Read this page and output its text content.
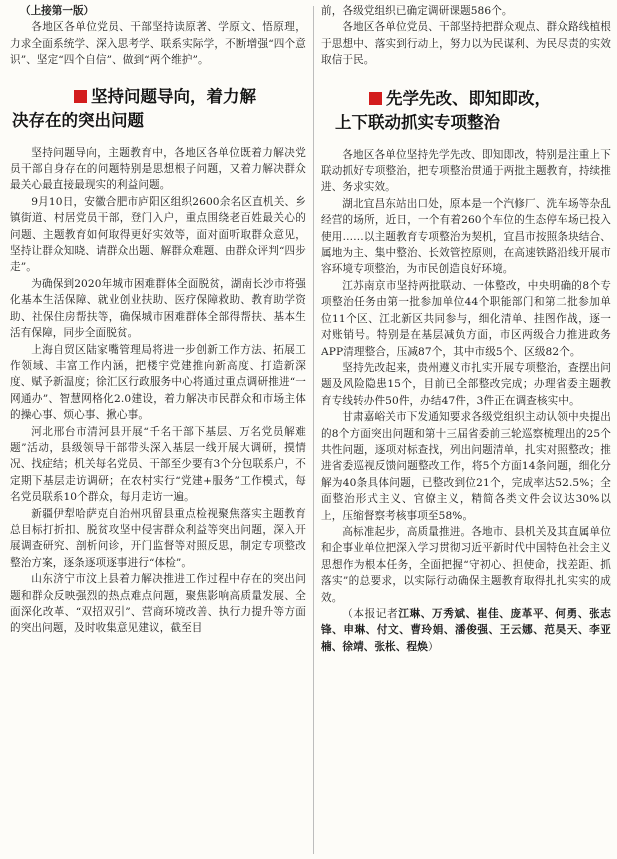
（上接第一版）

各地区各单位党员、干部坚持读原著、学原文、悟原理，力求全面系统学、深入思考学、联系实际学，不断增强“四个意识”、坚定“四个自信”、做到“两个维护”。

坚持问题导向，着力解
决存在的突出问题

坚持问题导向，主题教育中，各地区各单位既着力解决党员干部自身存在的问题特别是思想根子问题，又着力解决群众最关心最直接最现实的利益问题。

9月10日，安徽合肥市庐阳区组织2600余名区直机关、乡镇街道、村居党员干部，登门入户，重点围绕老百姓最关心的问题、主题教育如何取得更好实效等，面对面听取群众意见，坚持让群众知晓、请群众出题、解群众难题、由群众评判“四步走”。

为确保到2020年城市困难群体全面脱贫，湖南长沙市将强化基本生活保障、就业创业扶助、医疗保障救助、教育助学资助、社保住房帮扶等，确保城市困难群体全部得帮扶、基本生活有保障，同步全面脱贫。

上海自贸区陆家嘴管理局将进一步创新工作方法、拓展工作领域、丰富工作内涵，把楼宇党建推向新高度、打造新深度、赋予新温度；徐汇区行政服务中心将通过重点调研推进“一网通办”、智慧网格化2.0建设，着力解决市民群众和市场主体的操心事、烦心事、揪心事。

河北邢台市清河县开展“千名干部下基层、万名党员解难题”活动，县级领导干部带头深入基层一线开展大调研，摸情况、找症结；机关每名党员、干部至少要有3个分包联系户，不定期下基层走访调研；在农村实行“党建+服务”工作模式，每名党员联系10个群众，每月走访一遍。

新疆伊犁哈萨克自治州巩留县重点检视聚焦落实主题教育总目标打折扣、脱贫攻坚中侵害群众利益等突出问题，深入开展调查研究、剖析问诊，开门监督等对照反思，制定专项整改整治方案，逐条逐项逐事进行“体检”。

山东济宁市汶上县着力解决推进工作过程中存在的突出问题和群众反映强烈的热点难点问题，聚焦影响高质量发展、全面深化改革、“双招双引”、营商环境改善、执行力提升等方面的突出问题，及时收集意见建议，截至目

前，各级党组织已确定调研课题586个。

各地区各单位党员、干部坚持把群众观点、群众路线植根于思想中、落实到行动上，努力以为民谋利、为民尽责的实效取信于民。

先学先改、即知即改，
上下联动抓实专项整治

各地区各单位坚持先学先改、即知即改，特别是注重上下联动抓好专项整治，把专项整治贯通于两批主题教育，持续推进、务求实效。

湖北宜昌东站出口处，原本是一个汽修厂、洗车场等杂乱经营的场所，近日，一个有着260个车位的生态停车场已投入使用……以主题教育专项整治为契机，宜昌市按照条块结合、属地为主、集中整治、长效管控原则，在高速铁路沿线开展市容环境专项整治，为市民创造良好环境。

江苏南京市坚持两批联动、一体整改，中央明确的8个专项整治任务由第一批参加单位44个职能部门和第二批参加单位11个区、江北新区共同参与，细化清单、挂图作战，逐一对账销号。特别是在基层减负方面，市区两级合力推进政务APP清理整合，压减87个，其中市级5个、区级82个。

坚持先改起来，贵州遵义市扎实开展专项整治，查摆出问题及风险隐患15个，目前已全部整改完成；办理省委主题教育专线转办件50件，办结47件，3件正在调查核实中。

甘肃嘉峪关市下发通知要求各级党组织主动认领中央提出的8个方面突出问题和第十三届省委前三轮巡察梳理出的25个共性问题，逐项对标查找，列出问题清单，扎实对照整改；推进省委巡视反馈问题整改工作，将5个方面14条问题，细化分解为40条具体问题，已整改到位21个，完成率达52.5%；全面整治形式主义、官僚主义，精简各类文件会议达30%以上，压缩督察考核事项至58%。

高标准起步，高质量推进。各地市、县机关及其直属单位和企事业单位把深入学习贯彻习近平新时代中国特色社会主义思想作为根本任务，全面把握“守初心、担使命，找差距、抓落实”的总要求，以实际行动确保主题教育取得扎扎实实的成效。

（本报记者江琳、万秀斌、崔佳、庞革平、何勇、张志锋、申琳、付文、曹玲娟、潘俊强、王云娜、范昊天、李亚楠、徐靖、张枨、程焕）
